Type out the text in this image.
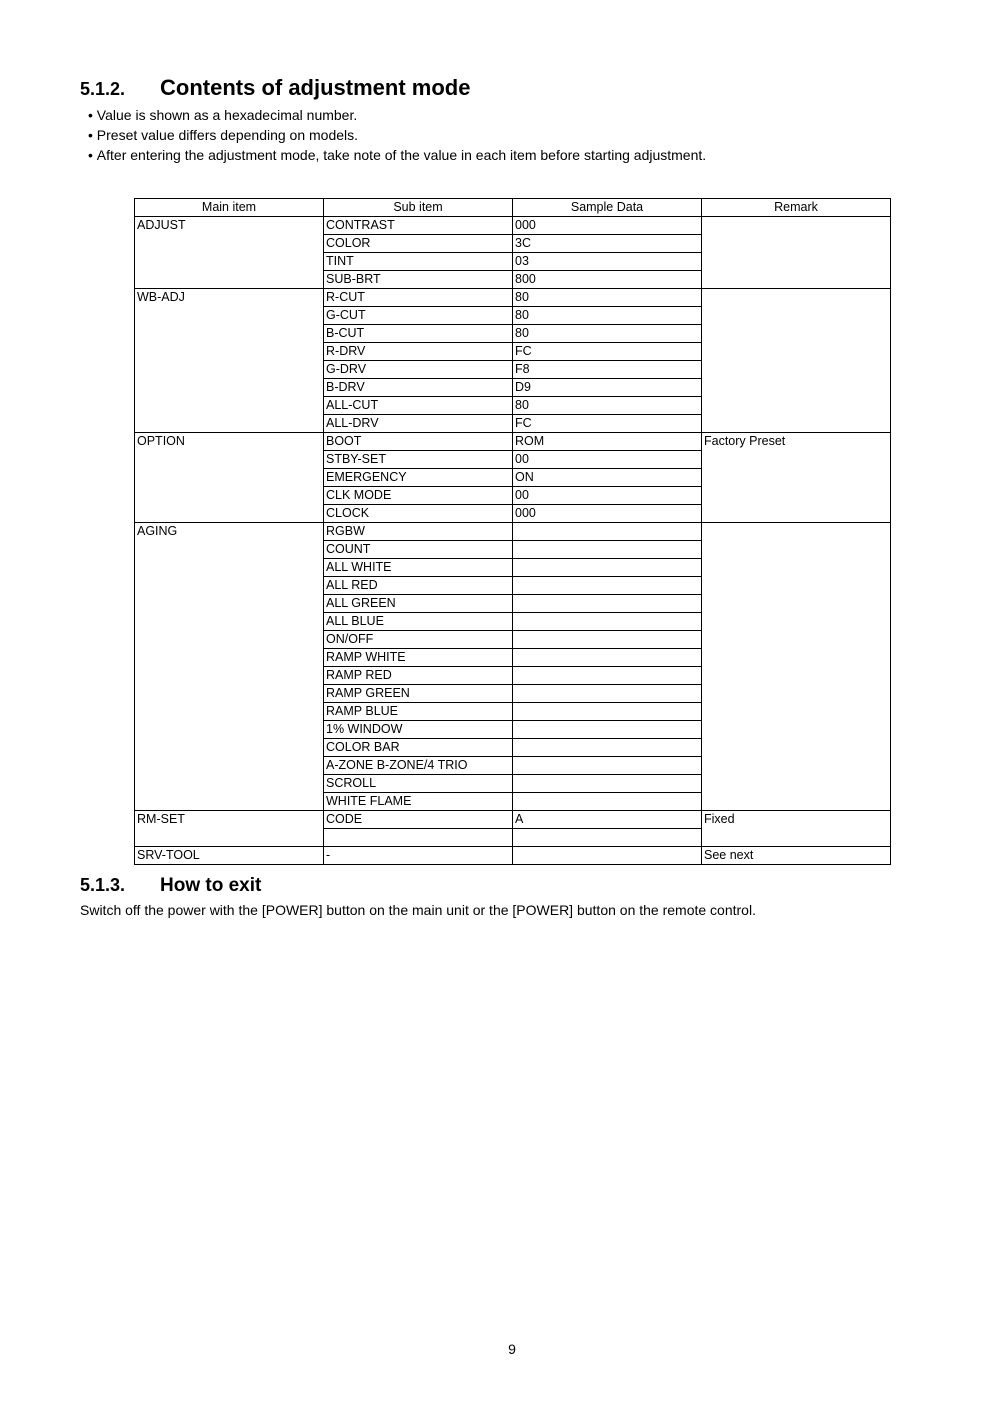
5.1.2. Contents of adjustment mode
• Value is shown as a hexadecimal number.
• Preset value differs depending on models.
• After entering the adjustment mode, take note of the value in each item before starting adjustment.
Main item	Sub item	Sample Data	Remark
ADJUST	CONTRAST	000	
	COLOR	3C	
	TINT	03	
	SUB-BRT	800	
WB-ADJ	R-CUT	80	
	G-CUT	80	
	B-CUT	80	
	R-DRV	FC	
	G-DRV	F8	
	B-DRV	D9	
	ALL-CUT	80	
	ALL-DRV	FC	
OPTION	BOOT	ROM	Factory Preset
	STBY-SET	00	
	EMERGENCY	ON	
	CLK MODE	00	
	CLOCK	000	
AGING	RGBW		
	COUNT		
	ALL WHITE		
	ALL RED		
	ALL GREEN		
	ALL BLUE		
	ON/OFF		
	RAMP WHITE		
	RAMP RED		
	RAMP GREEN		
	RAMP BLUE		
	1% WINDOW		
	COLOR BAR		
	A-ZONE B-ZONE/4 TRIO		
	SCROLL		
	WHITE FLAME		
RM-SET	CODE	A	Fixed

SRV-TOOL	-		See next
5.1.3. How to exit
Switch off the power with the [POWER] button on the main unit or the [POWER] button on the remote control.
9
